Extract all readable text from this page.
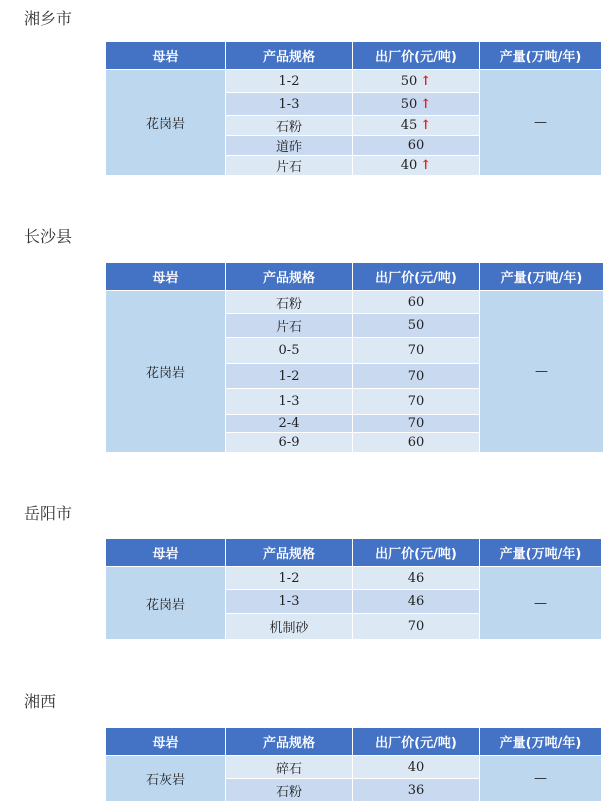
湘乡市
母岩	产品规格	出厂价(元/吨)	产量(万吨/年)
花岗岩	1-2	50 ↑	—
	1-3	50 ↑	
	石粉	45 ↑	
	道砟	60	
	片石	40 ↑	
长沙县
母岩	产品规格	出厂价(元/吨)	产量(万吨/年)
花岗岩	石粉	60	—
	片石	50	
	0-5	70	
	1-2	70	
	1-3	70	
	2-4	70	
	6-9	60	
岳阳市
母岩	产品规格	出厂价(元/吨)	产量(万吨/年)
花岗岩	1-2	46	—
	1-3	46	
	机制砂	70	
湘西
母岩	产品规格	出厂价(元/吨)	产量(万吨/年)
石灰岩	碎石	40	—
	石粉	36	
